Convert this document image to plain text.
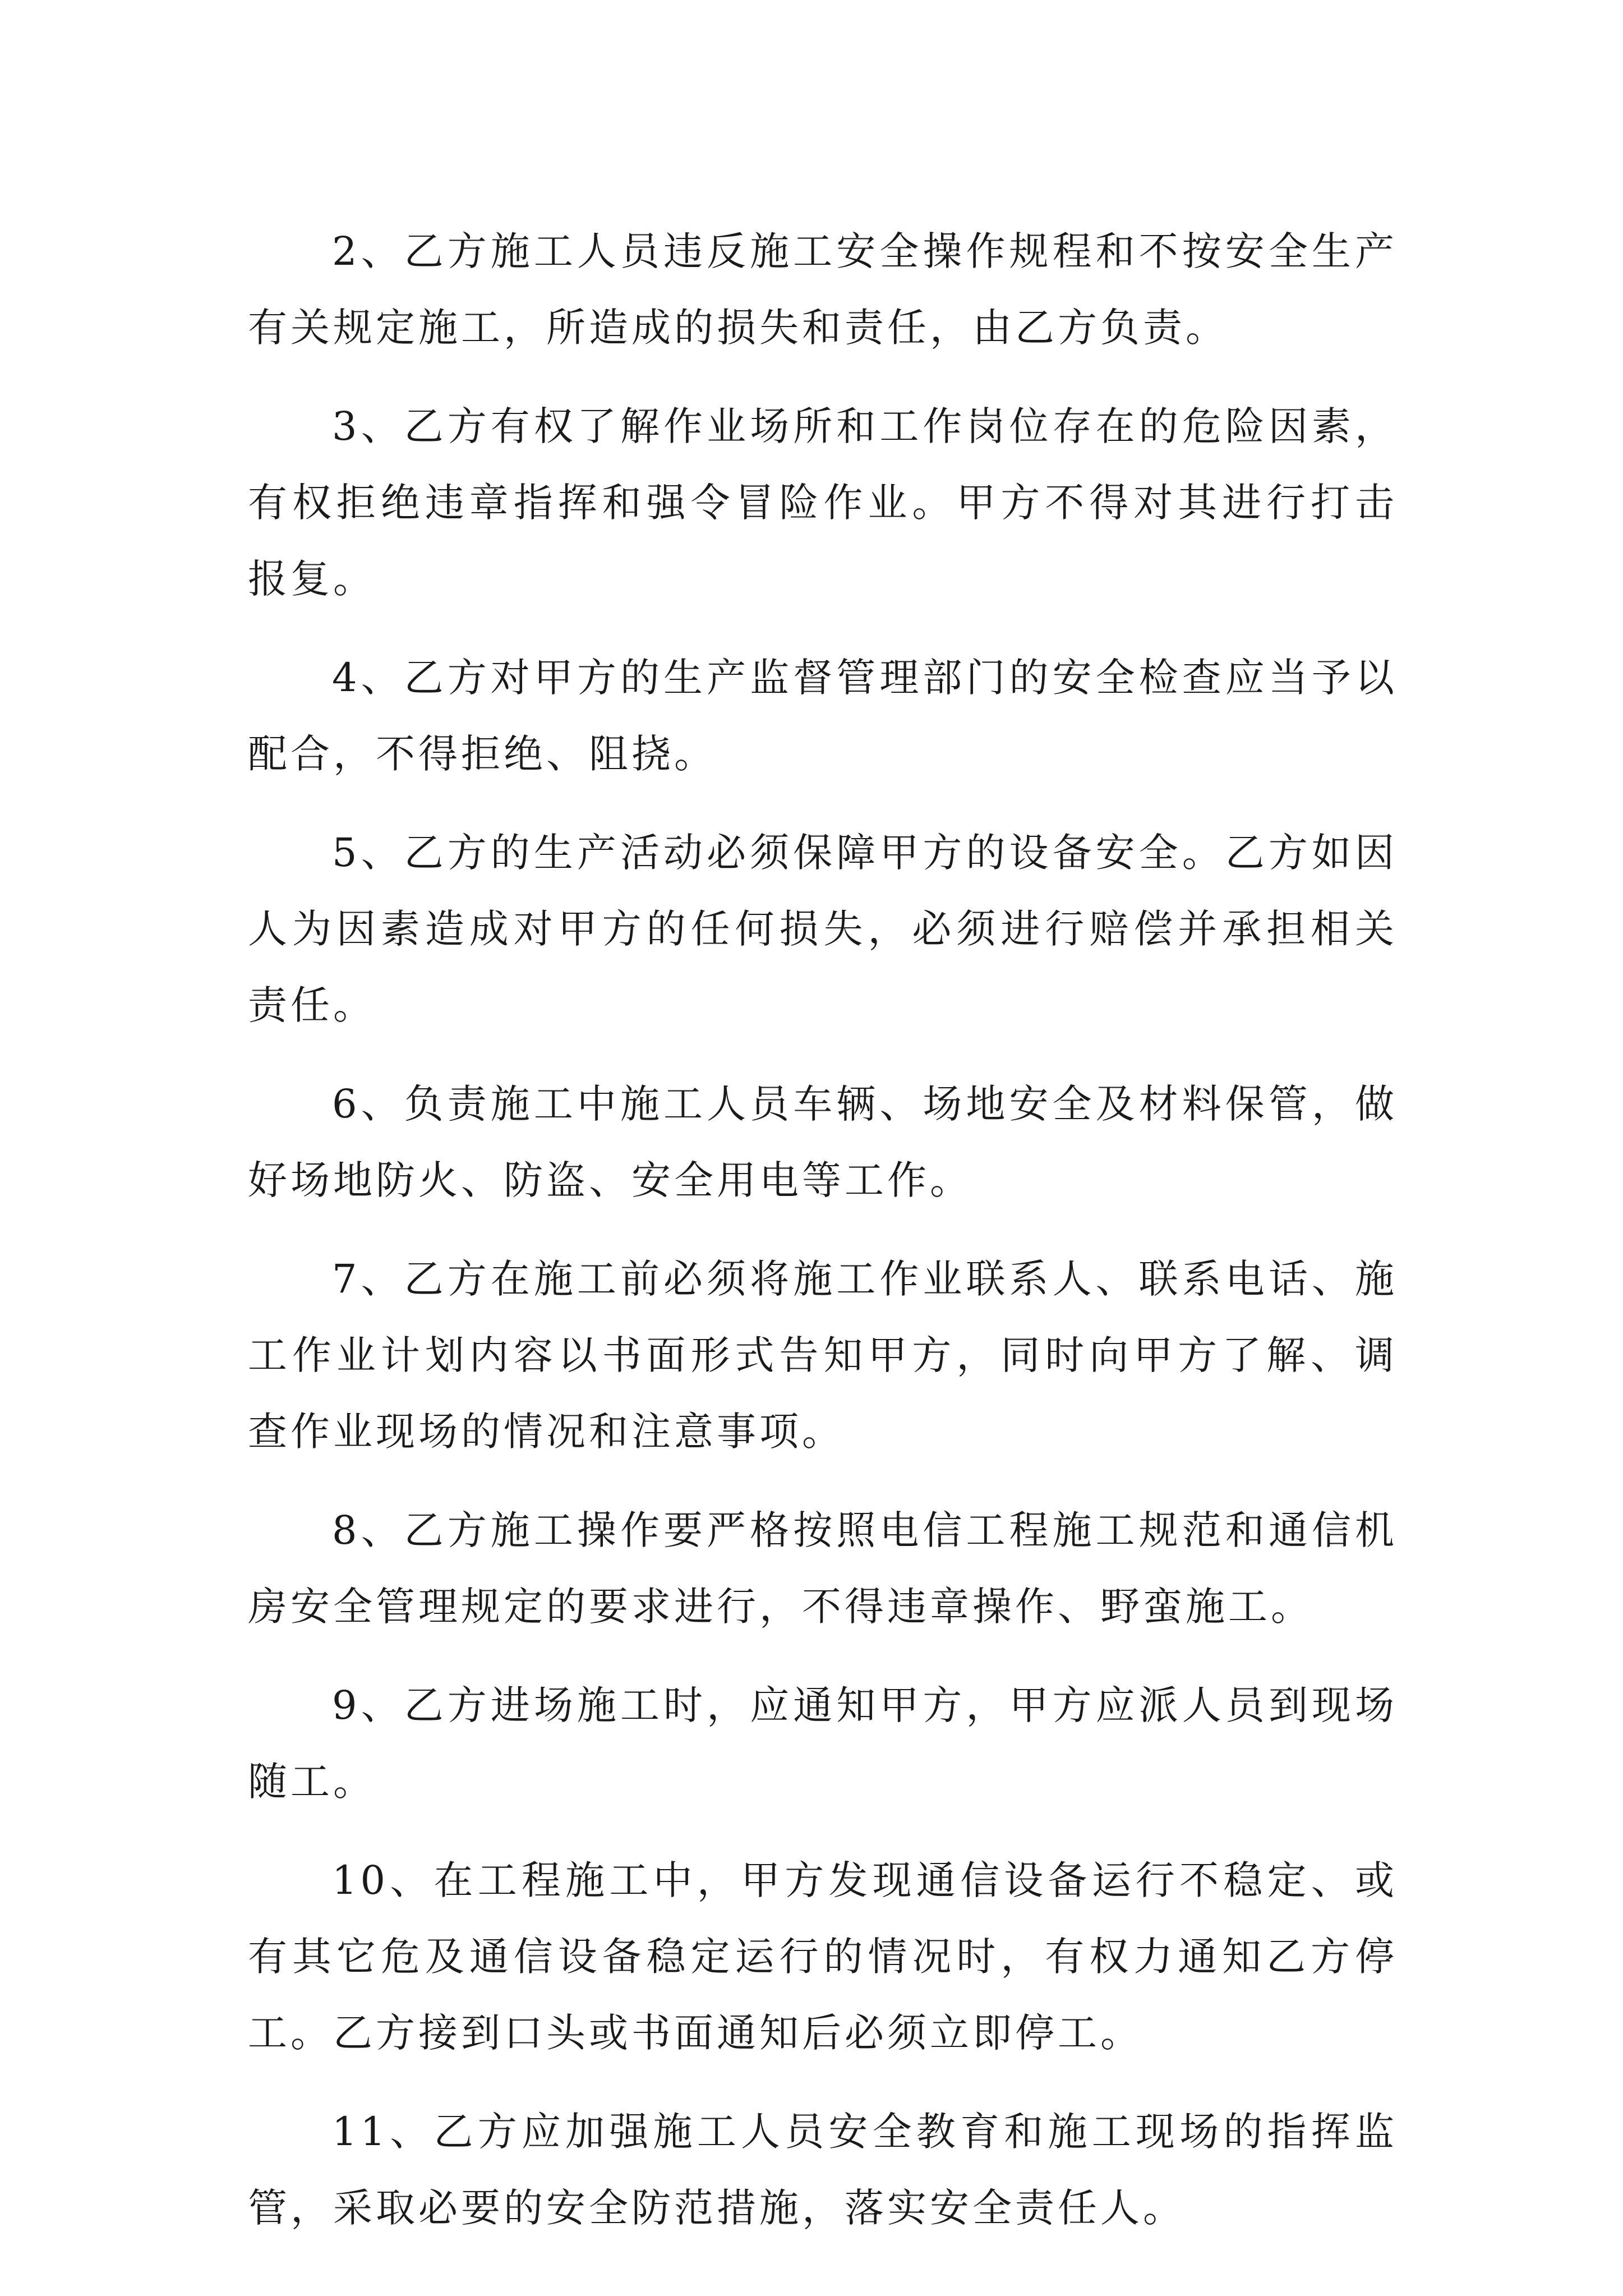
2、乙方施工人员违反施工安全操作规程和不按安全生产有关规定施工，所造成的损失和责任，由乙方负责。

3、乙方有权了解作业场所和工作岗位存在的危险因素，有权拒绝违章指挥和强令冒险作业。甲方不得对其进行打击报复。

4、乙方对甲方的生产监督管理部门的安全检查应当予以配合，不得拒绝、阻挠。

5、乙方的生产活动必须保障甲方的设备安全。乙方如因人为因素造成对甲方的任何损失，必须进行赔偿并承担相关责任。

6、负责施工中施工人员车辆、场地安全及材料保管，做好场地防火、防盗、安全用电等工作。

7、乙方在施工前必须将施工作业联系人、联系电话、施工作业计划内容以书面形式告知甲方，同时向甲方了解、调查作业现场的情况和注意事项。

8、乙方施工操作要严格按照电信工程施工规范和通信机房安全管理规定的要求进行，不得违章操作、野蛮施工。

9、乙方进场施工时，应通知甲方，甲方应派人员到现场随工。

10、在工程施工中，甲方发现通信设备运行不稳定、或有其它危及通信设备稳定运行的情况时，有权力通知乙方停工。乙方接到口头或书面通知后必须立即停工。

11、乙方应加强施工人员安全教育和施工现场的指挥监管，采取必要的安全防范措施，落实安全责任人。
